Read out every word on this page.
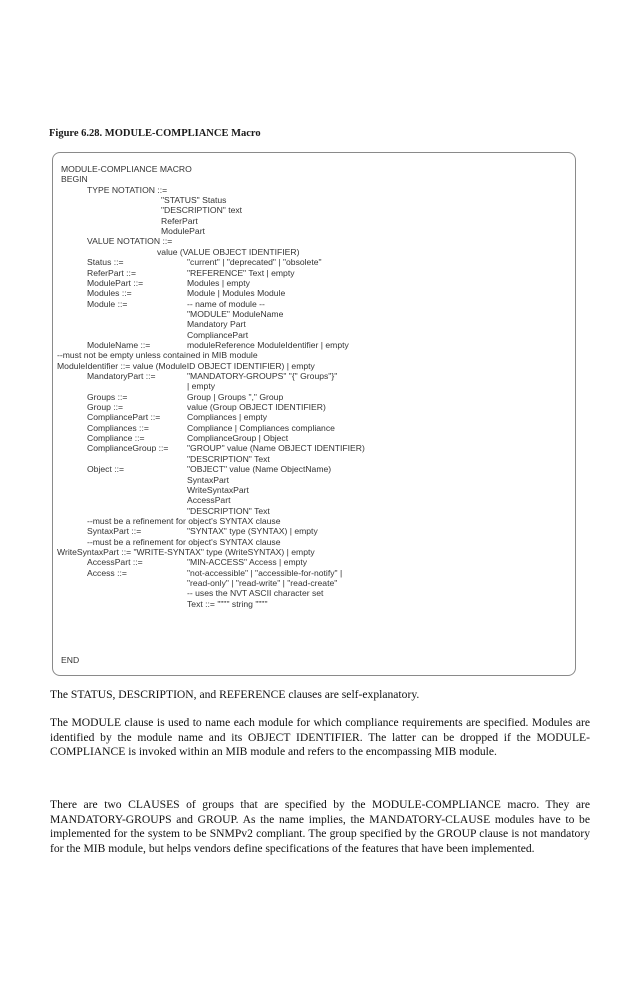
Figure 6.28. MODULE-COMPLIANCE Macro
MODULE-COMPLIANCE MACRO
BEGIN
TYPE NOTATION ::=
"STATUS" Status
"DESCRIPTION" text
ReferPart
ModulePart
VALUE NOTATION ::=
value (VALUE OBJECT IDENTIFIER)
Status ::=	"current" | "deprecated" | "obsolete"
ReferPart ::=	"REFERENCE" Text | empty
ModulePart ::=	Modules | empty
Modules ::=	Module | Modules Module
Module ::=	-- name of module --
"MODULE" ModuleName
Mandatory Part
CompliancePart
ModuleName ::=	moduleReference ModuleIdentifier | empty
--must not be empty unless contained in MIB module
ModuleIdentifier ::= value (ModuleID OBJECT IDENTIFIER) | empty
MandatoryPart ::=	"MANDATORY-GROUPS" "{" Groups"}"
| empty
Groups ::=	Group | Groups "," Group
Group ::=	value (Group OBJECT IDENTIFIER)
CompliancePart ::=	Compliances | empty
Compliances ::=	Compliance | Compliances compliance
Compliance ::=	ComplianceGroup | Object
ComplianceGroup ::= "GROUP" value (Name OBJECT IDENTIFIER)
"DESCRIPTION" Text
Object ::=	"OBJECT" value (Name ObjectName)
SyntaxPart
WriteSyntaxPart
AccessPart
"DESCRIPTION" Text
--must be a refinement for object's SYNTAX clause
SyntaxPart ::=	"SYNTAX" type (SYNTAX) | empty
--must be a refinement for object's SYNTAX clause
WriteSyntaxPart ::= "WRITE-SYNTAX" type (WriteSYNTAX) | empty
AccessPart ::=	"MIN-ACCESS" Access | empty
Access ::=	"not-accessible" | "accessible-for-notify" |
"read-only" | "read-write" | "read-create"
-- uses the NVT ASCII character set
Text ::= """" string """"
END

The STATUS, DESCRIPTION, and REFERENCE clauses are self-explanatory.

The MODULE clause is used to name each module for which compliance requirements are specified. Modules are identified by the module name and its OBJECT IDENTIFIER. The latter can be dropped if the MODULE-COMPLIANCE is invoked within an MIB module and refers to the encompassing MIB module.

There are two CLAUSES of groups that are specified by the MODULE-COMPLIANCE macro. They are MANDATORY-GROUPS and GROUP. As the name implies, the MANDATORY-CLAUSE modules have to be implemented for the system to be SNMPv2 compliant. The group specified by the GROUP clause is not mandatory for the MIB module, but helps vendors define specifications of the features that have been implemented.
